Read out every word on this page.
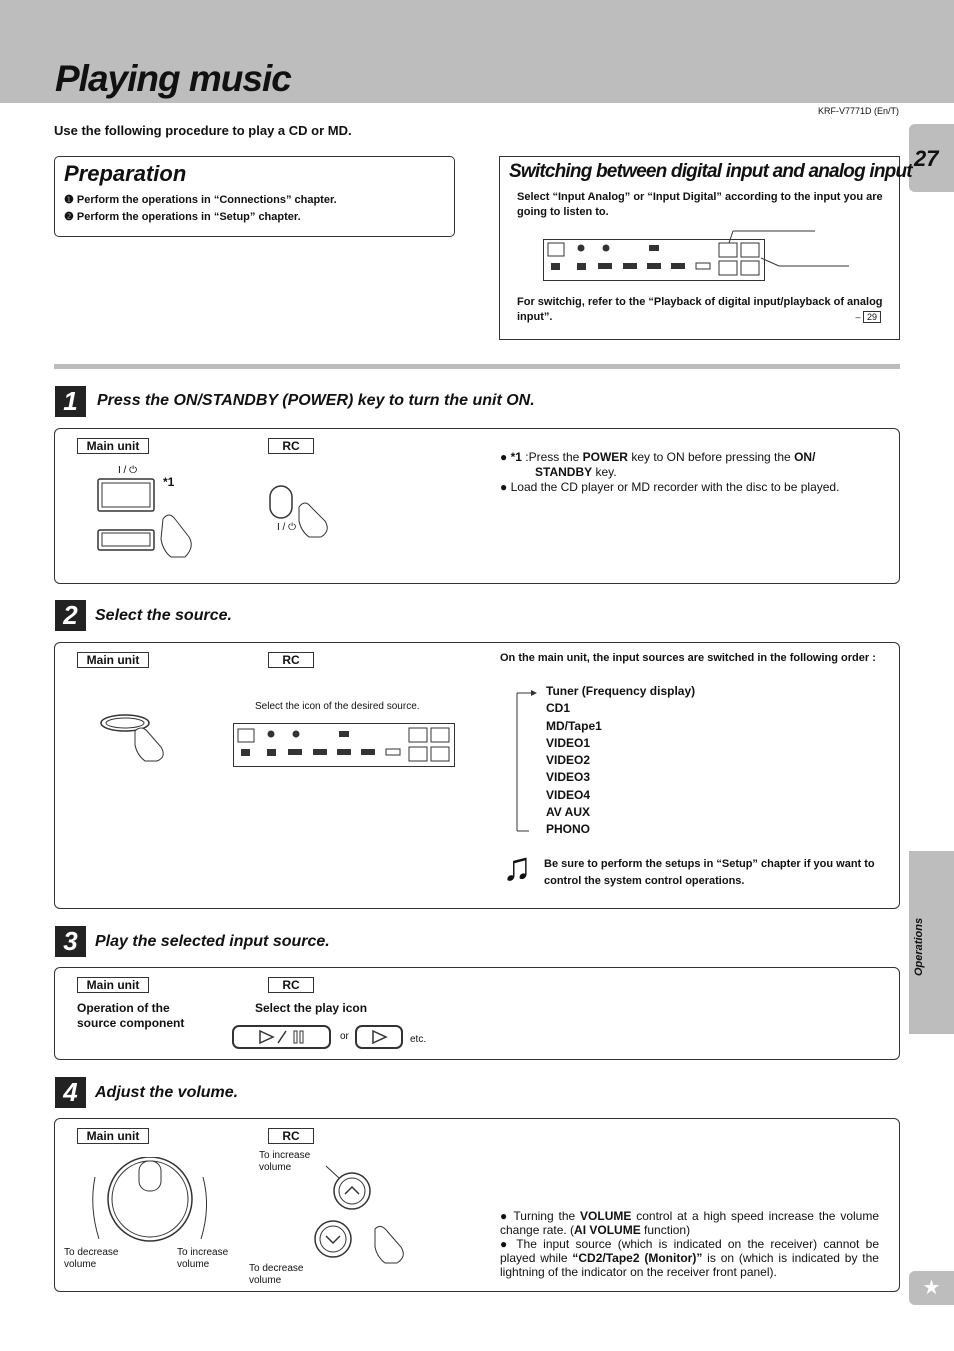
Playing music
KRF-V7771D (En/T)
Use the following procedure to play a CD or MD.
27
Operations
★
Preparation
❶ Perform the operations in “Connections” chapter.
❷ Perform the operations in “Setup” chapter.
Switching between digital input and analog input
Select “Input Analog” or “Input Digital” according to the input you are going to listen to.
For switchig, refer to the “Playback of digital input/playback of analog input”.	– 29
1	Press the ON/STANDBY (POWER) key to turn the unit ON.
Main unit	RC
I / ⏻
*1
I / ⏻
● *1 :Press the POWER key to ON before pressing the ON/
STANDBY key.
● Load the CD player or MD recorder with the disc to be played.
2	Select the source.
Main unit	RC
Select the icon of the desired source.
On the main unit, the input sources are switched in the following order :
Tuner (Frequency display)
CD1
MD/Tape1
VIDEO1
VIDEO2
VIDEO3
VIDEO4
AV AUX
PHONO
♫ Be sure to perform the setups in “Setup” chapter if you want to control the system control operations.
3	Play the selected input source.
Main unit	RC
Operation of the source component
Select the play icon
or	etc.
4	Adjust the volume.
Main unit	RC
To decrease volume
To increase volume
To increase volume
To decrease volume
● Turning the VOLUME control at a high speed increase the volume change rate. (AI VOLUME function)
● The input source (which is indicated on the receiver) cannot be played while “CD2/Tape2 (Monitor)” is on (which is indicated by the lightning of the indicator on the receiver front panel).
